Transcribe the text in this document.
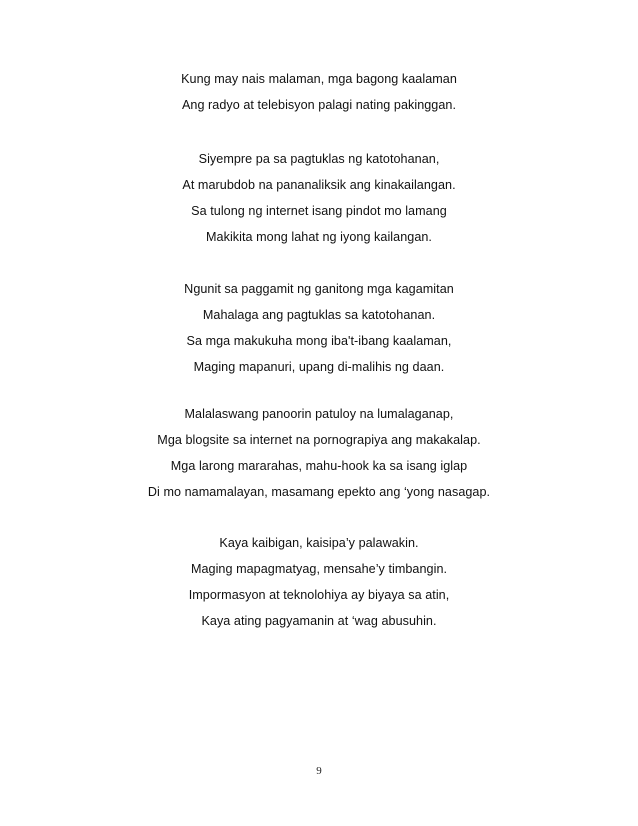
Kung may nais malaman, mga bagong kaalaman
Ang radyo at telebisyon palagi nating pakinggan.
Siyempre pa sa pagtuklas ng katotohanan,
At marubdob na pananaliksik ang kinakailangan.
Sa tulong ng internet isang pindot mo lamang
Makikita mong lahat ng iyong kailangan.
Ngunit sa paggamit ng ganitong mga kagamitan
Mahalaga ang pagtuklas sa katotohanan.
Sa mga makukuha mong iba't-ibang kaalaman,
Maging mapanuri, upang di-malihis ng daan.
Malalaswang panoorin patuloy na lumalaganap,
Mga blogsite sa internet na pornograpiya ang makakalap.
Mga larong mararahas, mahu-hook ka sa isang iglap
Di mo namamalayan, masamang epekto ang ‘yong nasagap.
Kaya kaibigan, kaisipa’y palawakin.
Maging mapagmatyag, mensahe’y timbangin.
Impormasyon at teknolohiya ay biyaya sa atin,
Kaya ating pagyamanin at ‘wag abusuhin.
9
